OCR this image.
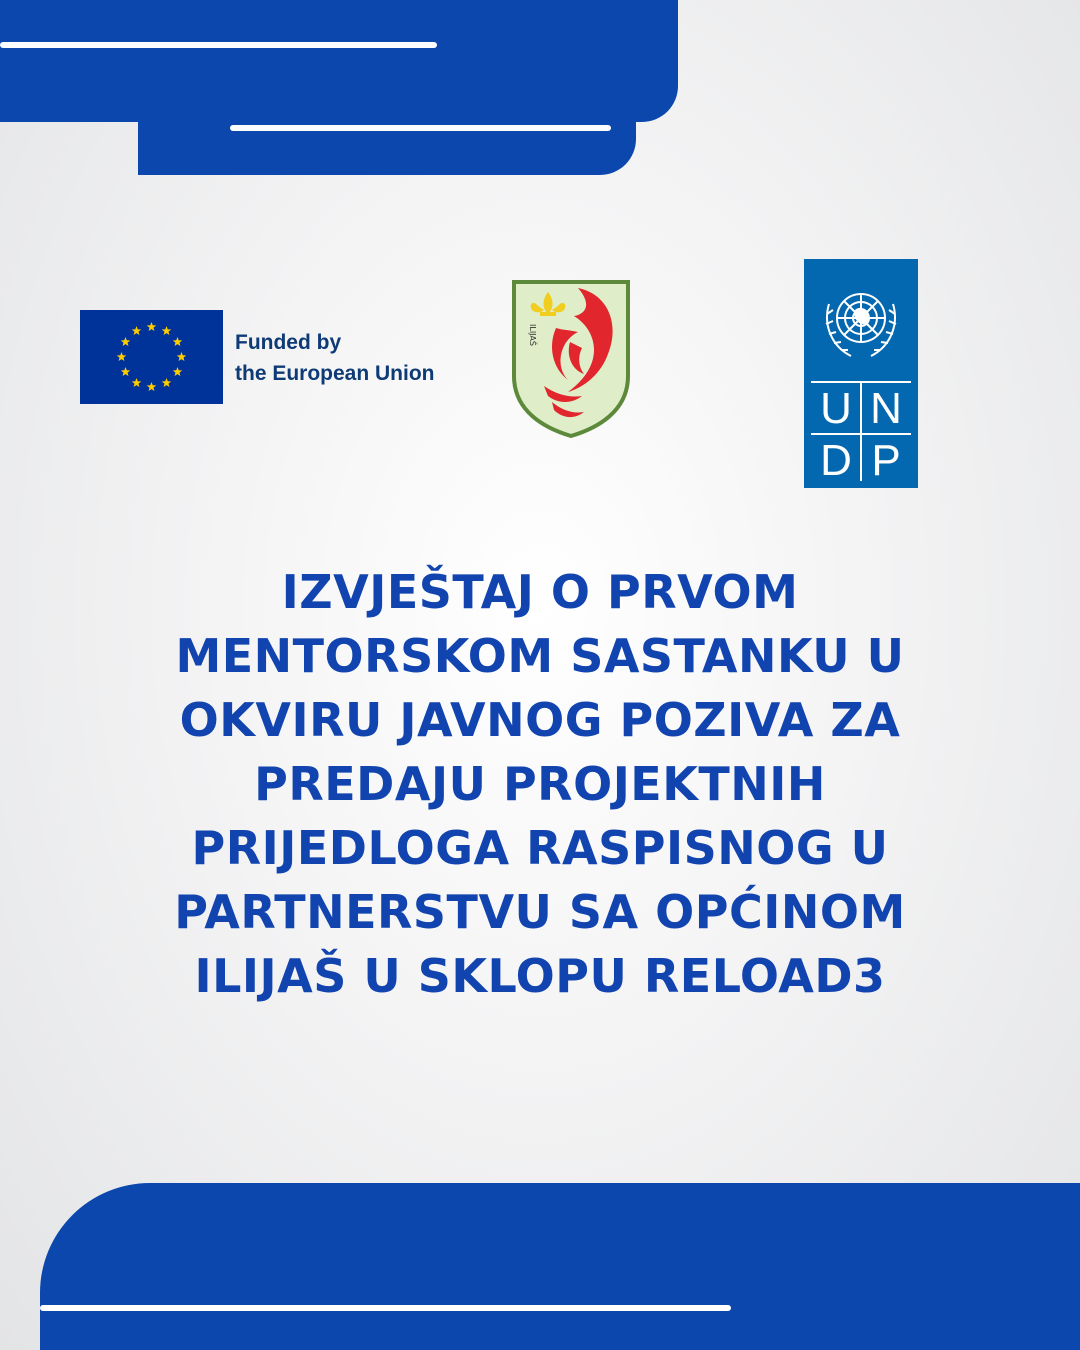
Funded by
the European Union
ILIJAŠ
U N
D P
IZVJEŠTAJ O PRVOM
MENTORSKOM SASTANKU U
OKVIRU JAVNOG POZIVA ZA
PREDAJU PROJEKTNIH
PRIJEDLOGA RASPISNOG U
PARTNERSTVU SA OPĆINOM
ILIJAŠ U SKLOPU RELOAD3
